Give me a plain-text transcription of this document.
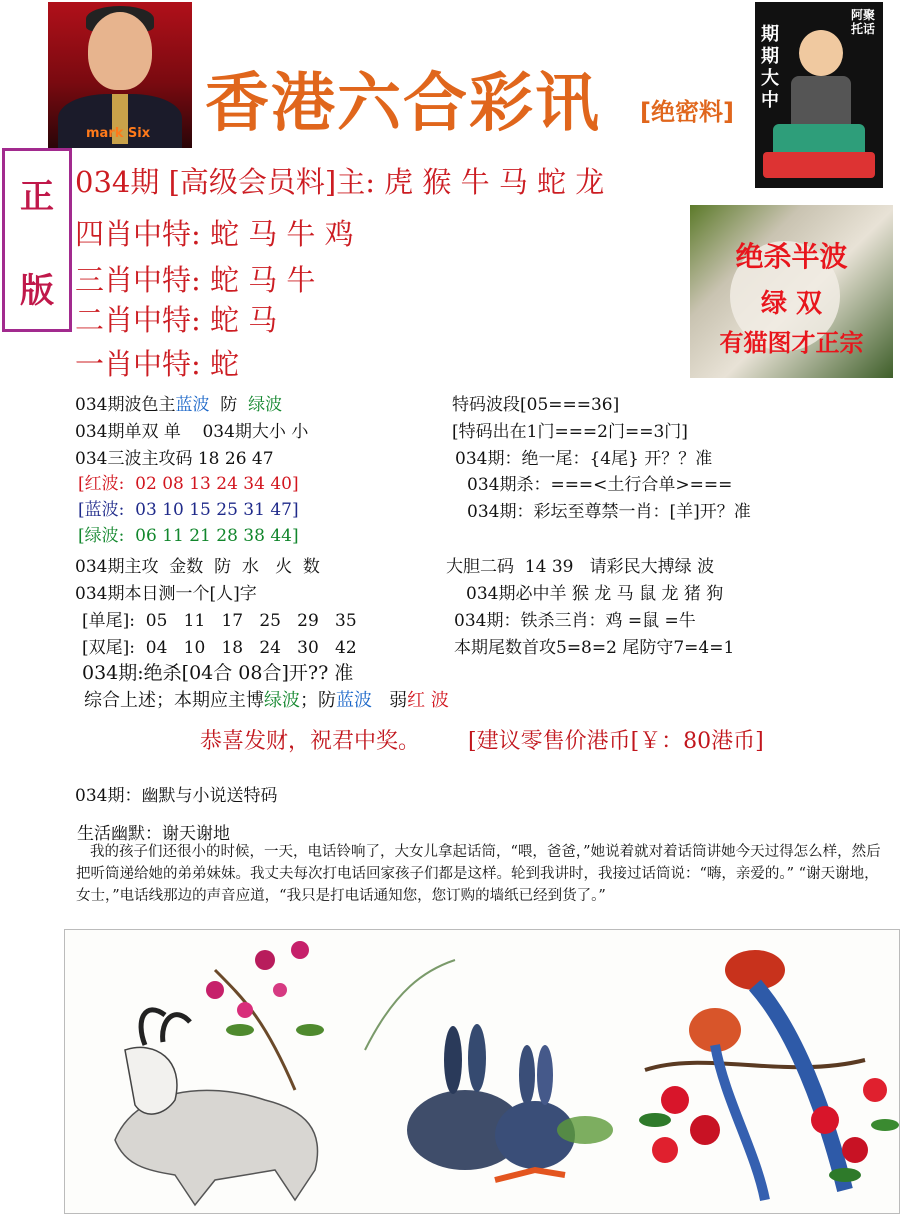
mark Six 香港六合彩讯 [绝密料]
期期大中
阿聚托话
正
版
034期 [高级会员料]主: 虎 猴 牛 马 蛇 龙
四肖中特: 蛇 马 牛 鸡
三肖中特: 蛇 马 牛
二肖中特: 蛇 马
一肖中特: 蛇
绝杀半波
绿 双
有猫图才正宗
034期波色主蓝波  防  绿波
034期单双 单    034期大小 小
034三波主攻码 18 26 47
[红波:  02 08 13 24 34 40]
[蓝波:  03 10 15 25 31 47]
[绿波:  06 11 21 28 38 44]
034期主攻  金数  防  水   火  数
034期本日测一个[人]字
[单尾]:  05   11   17   25   29   35
[双尾]:  04   10   18   24   30   42
034期:绝杀[04合 08合]开?? 准
综合上述；本期应主博绿波；防蓝波   弱红 波
特码波段[05===36]
[特码出在1门===2门==3门]
034期：绝一尾：{4尾} 开？？准
034期杀：===<土行合单>===
034期：彩坛至尊禁一肖：[羊]开？准
大胆二码  14 39   请彩民大搏绿 波
034期必中羊 猴 龙 马 鼠 龙 猪 狗
034期：铁杀三肖：鸡 =鼠 =牛
本期尾数首攻5=8=2 尾防守7=4=1
恭喜发财，祝君中奖。 [建议零售价港币[￥：80港币]
034期：幽默与小说送特码
生活幽默：谢天谢地
我的孩子们还很小的时候，一天，电话铃响了，大女儿拿起话筒，“喂，爸爸，”她说着就对着话筒讲她今天过得怎么样，然后把听筒递给她的弟弟妹妹。我丈夫每次打电话回家孩子们都是这样。轮到我讲时，我接过话筒说：“嗨，亲爱的。” “谢天谢地，女士，”电话线那边的声音应道，“我只是打电话通知您，您订购的墙纸已经到货了。”
